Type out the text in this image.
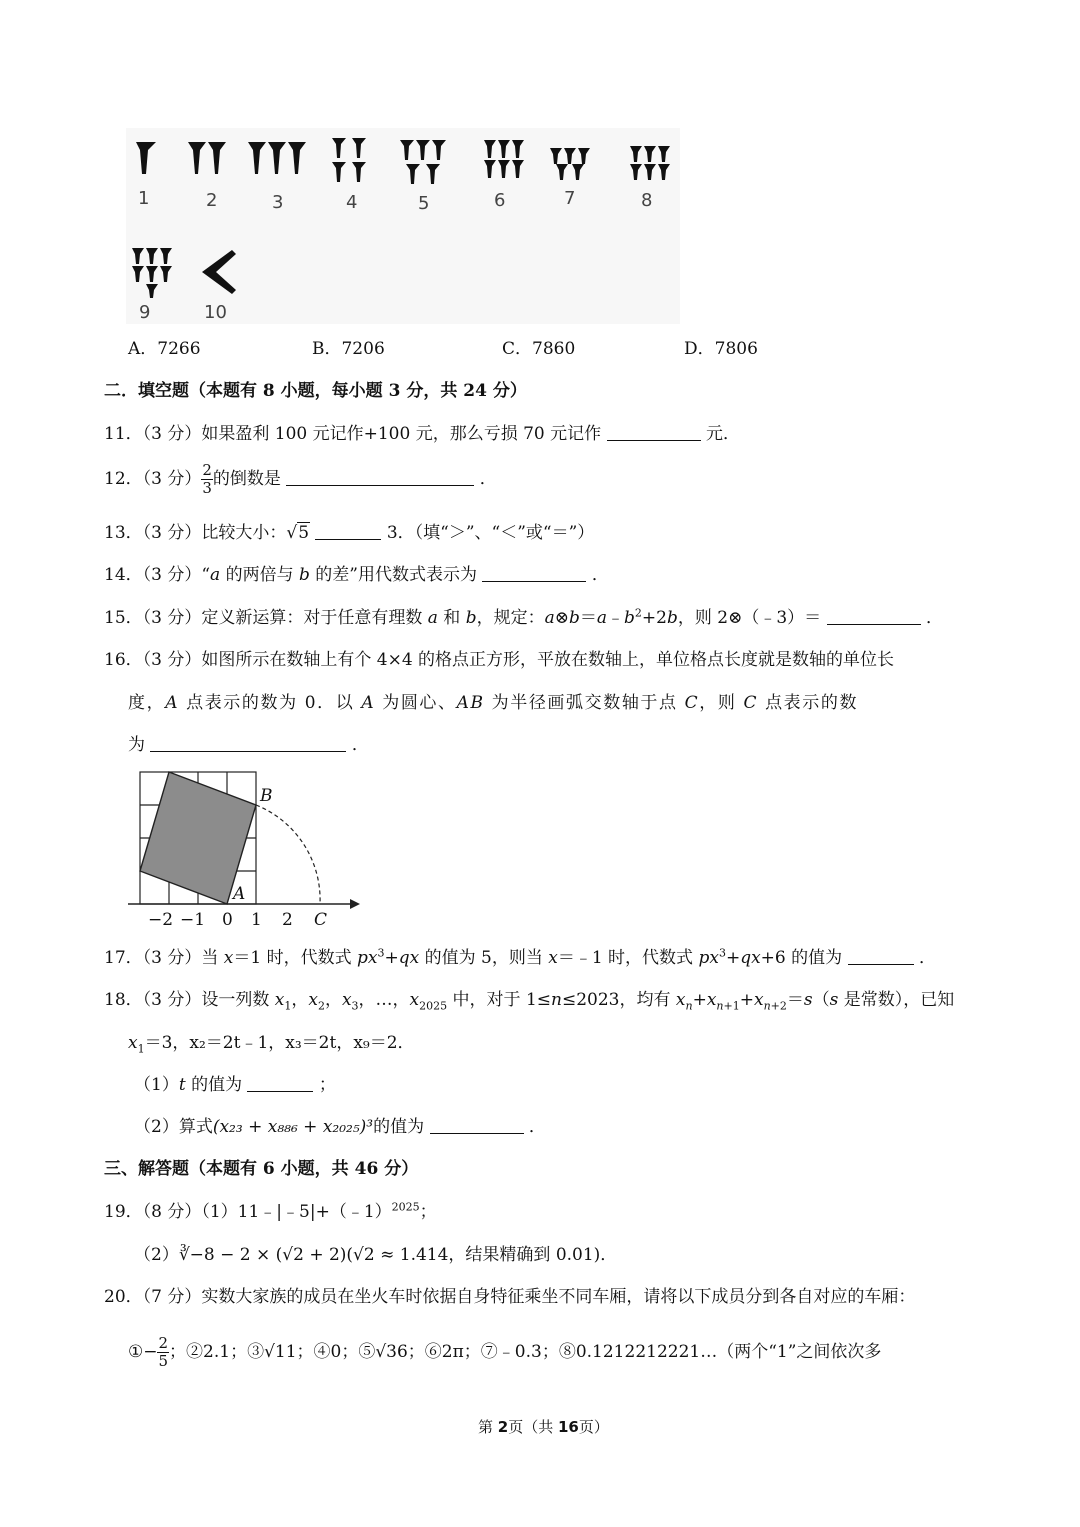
1	2	3	4	5	6	7	8
9	10
A．7266	B．7206	C．7860	D．7806
二．填空题（本题有 8 小题，每小题 3 分，共 24 分）
11．（3 分）如果盈利 100 元记作+100 元，那么亏损 70 元记作	元．
12．（3 分） $\frac{2}{3}$ 的倒数是	．
13．（3 分）比较大小：√5	3．（填“＞”、“＜”或“＝”）
14．（3 分）“a 的两倍与 b 的差”用代数式表示为	．
15．（3 分）定义新运算：对于任意有理数 a 和 b，规定：$a\otimes b=a﹣b^2+2b$，则 2⊗（﹣3）＝	．
16．（3 分）如图所示在数轴上有个 4×4 的格点正方形，平放在数轴上，单位格点长度就是数轴的单位长
度，A 点表示的数为 0．以 A 为圆心、AB 为半径画弧交数轴于点 C，则 C 点表示的数
为	．
B
A
−2 −1 0 1 2 C
17．（3 分）当 x＝1 时，代数式 $px^3+qx$ 的值为 5，则当 x＝﹣1 时，代数式 $px^3+qx+6$ 的值为	．
18．（3 分）设一列数 $x_1$，$x_2$，$x_3$，…，$x_{2025}$ 中，对于 1≤n≤2023，均有 $x_n+x_{n+1}+x_{n+2}=s(s$ 是常数），已知
$x_1=3$，x₂＝2t﹣1，x₃＝2t，x₉＝2．
（1）t 的值为	；
（2）算式(x₂₃ + x₈₈₆ + x₂₀₂₅)³的值为	．
三、解答题（本题有 6 小题，共 46 分）
19．（8 分）（1）11﹣|﹣5|+（﹣1）$^{2025}$；
（2）∛−8 − 2 × (√2 + 2)(√2 ≈ 1.414，结果精确到 0.01)．
20．（7 分）实数大家族的成员在坐火车时依据自身特征乘坐不同车厢，请将以下成员分到各自对应的车厢：
①− $\frac{2}{5}$ ；②2.1；③√11；④0；⑤√36；⑥2π；⑦﹣0.3；⑧0.1212212221…（两个“1”之间依次多
第 2页（共 16页）
